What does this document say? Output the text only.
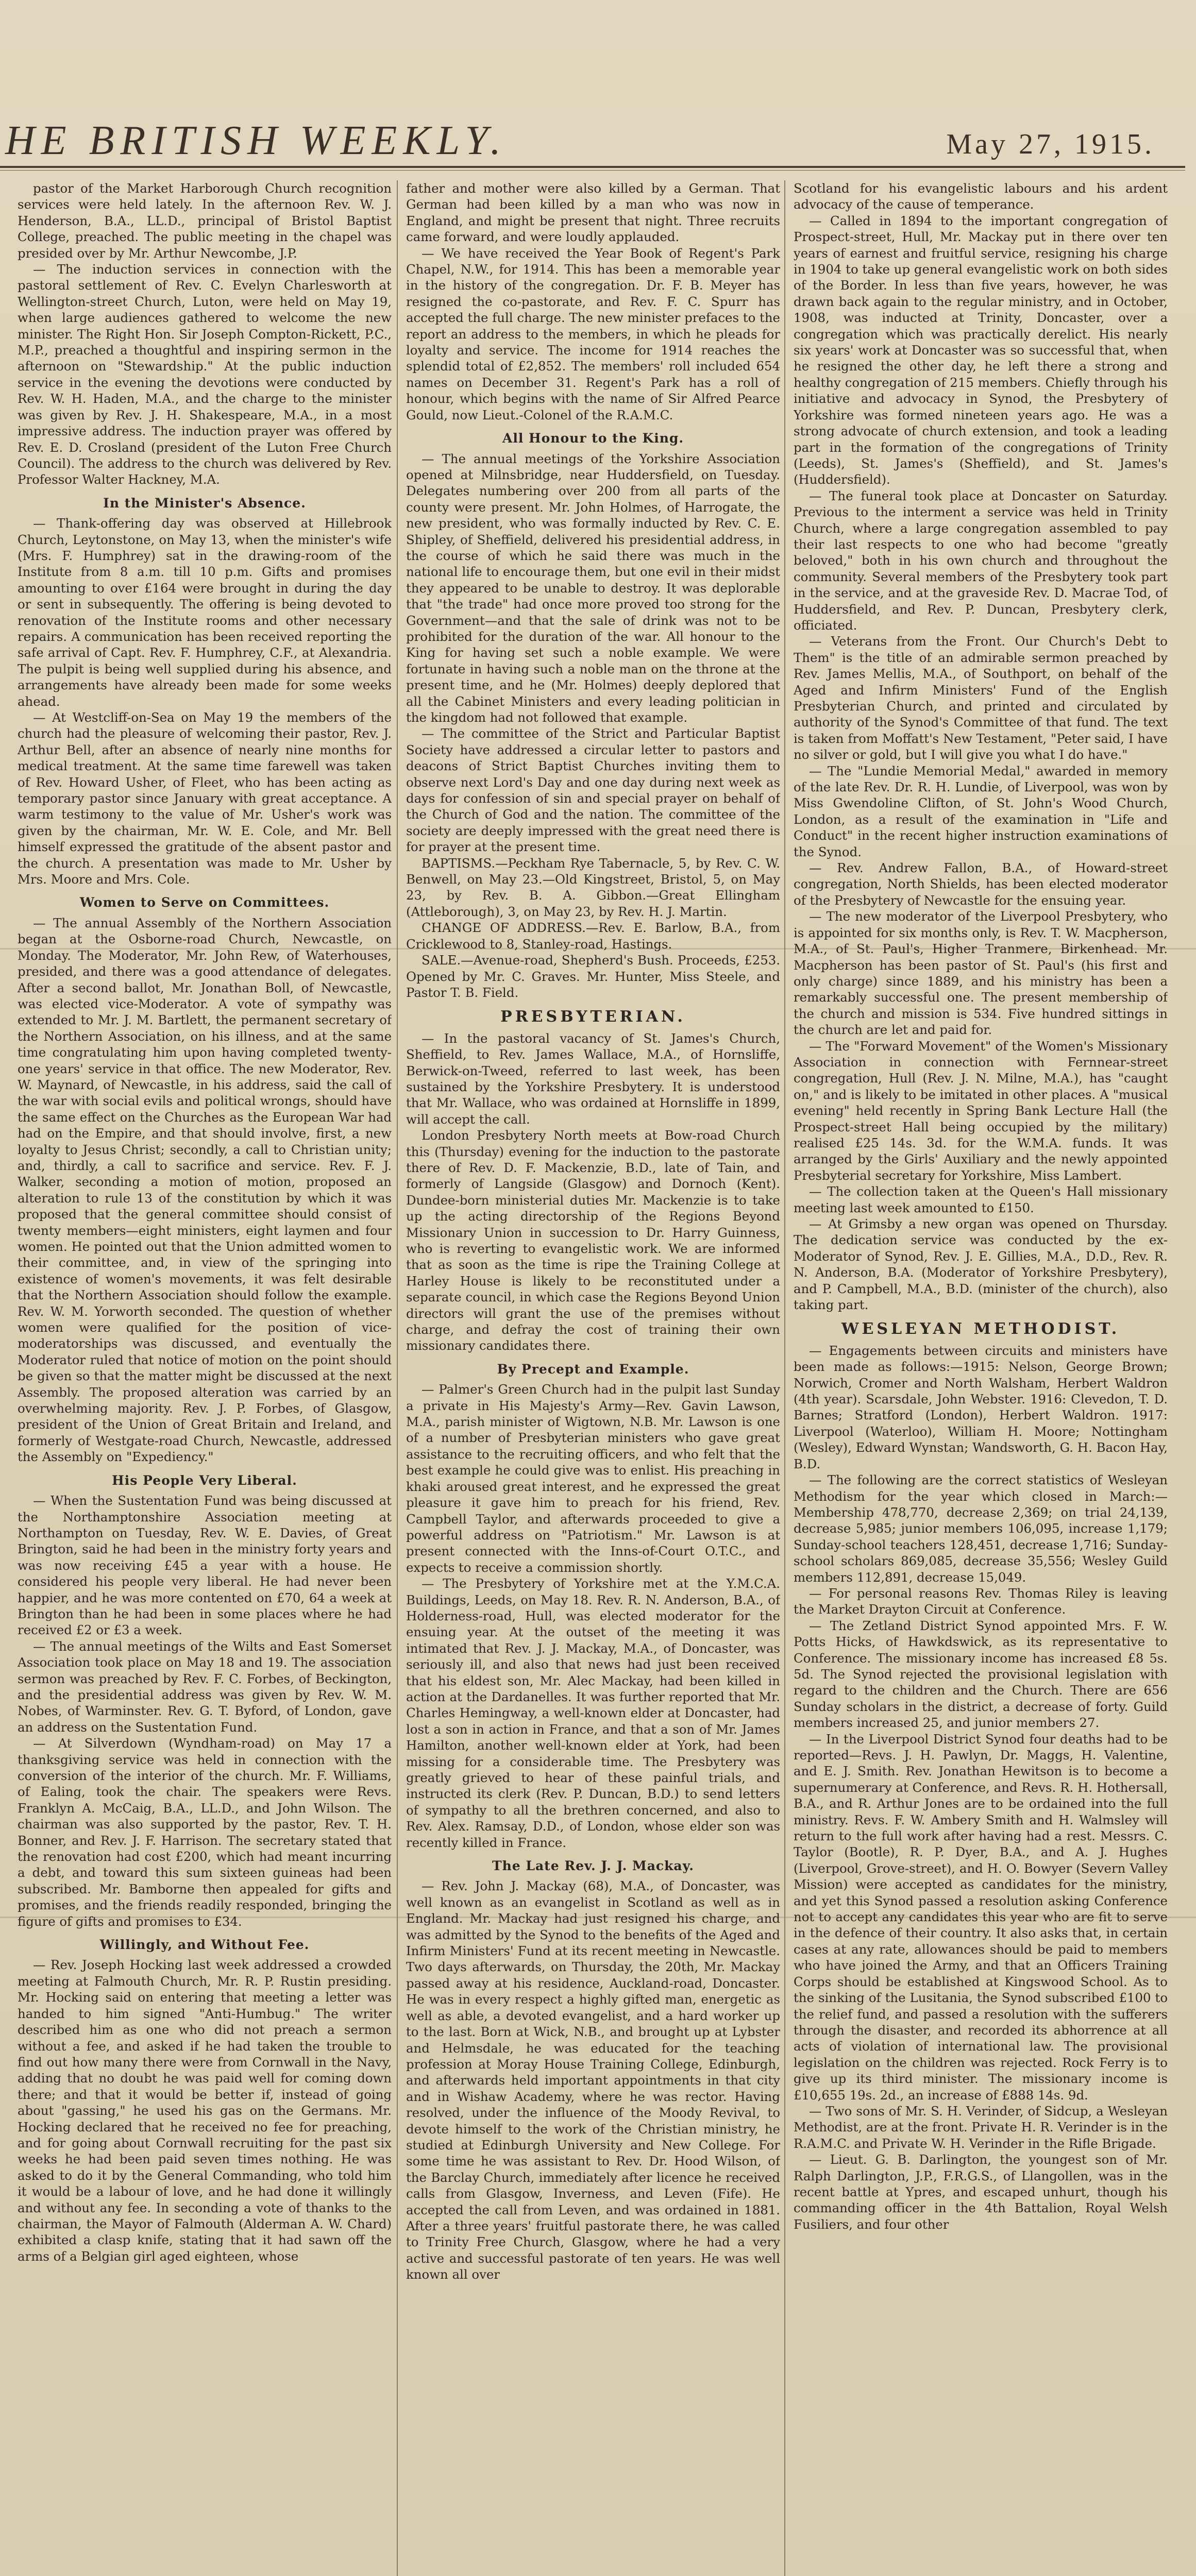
HE BRITISH WEEKLY.	May 27, 1915.

pastor of the Market Harborough Church recognition services were held lately. In the afternoon Rev. W. J. Henderson, B.A., LL.D., principal of Bristol Baptist College, preached. The public meeting in the chapel was presided over by Mr. Arthur Newcombe, J.P.

— The induction services in connection with the pastoral settlement of Rev. C. Evelyn Charlesworth at Wellington-street Church, Luton, were held on May 19, when large audiences gathered to welcome the new minister. The Right Hon. Sir Joseph Compton-Rickett, P.C., M.P., preached a thoughtful and inspiring sermon in the afternoon on "Stewardship." At the public induction service in the evening the devotions were conducted by Rev. W. H. Haden, M.A., and the charge to the minister was given by Rev. J. H. Shakespeare, M.A., in a most impressive address. The induction prayer was offered by Rev. E. D. Crosland (president of the Luton Free Church Council). The address to the church was delivered by Rev. Professor Walter Hackney, M.A.

In the Minister's Absence.

— Thank-offering day was observed at Hillebrook Church, Leytonstone, on May 13, when the minister's wife (Mrs. F. Humphrey) sat in the drawing-room of the Institute from 8 a.m. till 10 p.m. Gifts and promises amounting to over £164 were brought in during the day or sent in subsequently. The offering is being devoted to renovation of the Institute rooms and other necessary repairs. A communication has been received reporting the safe arrival of Capt. Rev. F. Humphrey, C.F., at Alexandria. The pulpit is being well supplied during his absence, and arrangements have already been made for some weeks ahead.

— At Westcliff-on-Sea on May 19 the members of the church had the pleasure of welcoming their pastor, Rev. J. Arthur Bell, after an absence of nearly nine months for medical treatment. At the same time farewell was taken of Rev. Howard Usher, of Fleet, who has been acting as temporary pastor since January with great acceptance. A warm testimony to the value of Mr. Usher's work was given by the chairman, Mr. W. E. Cole, and Mr. Bell himself expressed the gratitude of the absent pastor and the church. A presentation was made to Mr. Usher by Mrs. Moore and Mrs. Cole.

Women to Serve on Committees.

— The annual Assembly of the Northern Association began at the Osborne-road Church, Newcastle, on Monday. The Moderator, Mr. John Rew, of Waterhouses, presided, and there was a good attendance of delegates. After a second ballot, Mr. Jonathan Boll, of Newcastle, was elected vice-Moderator. A vote of sympathy was extended to Mr. J. M. Bartlett, the permanent secretary of the Northern Association, on his illness, and at the same time congratulating him upon having completed twenty-one years' service in that office. The new Moderator, Rev. W. Maynard, of Newcastle, in his address, said the call of the war with social evils and political wrongs, should have the same effect on the Churches as the European War had had on the Empire, and that should involve, first, a new loyalty to Jesus Christ; secondly, a call to Christian unity; and, thirdly, a call to sacrifice and service. Rev. F. J. Walker, seconding a motion of motion, proposed an alteration to rule 13 of the constitution by which it was proposed that the general committee should consist of twenty members—eight ministers, eight laymen and four women. He pointed out that the Union admitted women to their committee, and, in view of the springing into existence of women's movements, it was felt desirable that the Northern Association should follow the example. Rev. W. M. Yorworth seconded. The question of whether women were qualified for the position of vice-moderatorships was discussed, and eventually the Moderator ruled that notice of motion on the point should be given so that the matter might be discussed at the next Assembly. The proposed alteration was carried by an overwhelming majority. Rev. J. P. Forbes, of Glasgow, president of the Union of Great Britain and Ireland, and formerly of Westgate-road Church, Newcastle, addressed the Assembly on "Expediency."

His People Very Liberal.

— When the Sustentation Fund was being discussed at the Northamptonshire Association meeting at Northampton on Tuesday, Rev. W. E. Davies, of Great Brington, said he had been in the ministry forty years and was now receiving £45 a year with a house. He considered his people very liberal. He had never been happier, and he was more contented on £70, 64 a week at Brington than he had been in some places where he had received £2 or £3 a week.

— The annual meetings of the Wilts and East Somerset Association took place on May 18 and 19. The association sermon was preached by Rev. F. C. Forbes, of Beckington, and the presidential address was given by Rev. W. M. Nobes, of Warminster. Rev. G. T. Byford, of London, gave an address on the Sustentation Fund.

— At Silverdown (Wyndham-road) on May 17 a thanksgiving service was held in connection with the conversion of the interior of the church. Mr. F. Williams, of Ealing, took the chair. The speakers were Revs. Franklyn A. McCaig, B.A., LL.D., and John Wilson. The chairman was also supported by the pastor, Rev. T. H. Bonner, and Rev. J. F. Harrison. The secretary stated that the renovation had cost £200, which had meant incurring a debt, and toward this sum sixteen guineas had been subscribed. Mr. Bamborne then appealed for gifts and promises, and the friends readily responded, bringing the figure of gifts and promises to £34.

Willingly, and Without Fee.

— Rev. Joseph Hocking last week addressed a crowded meeting at Falmouth Church, Mr. R. P. Rustin presiding. Mr. Hocking said on entering that meeting a letter was handed to him signed "Anti-Humbug." The writer described him as one who did not preach a sermon without a fee, and asked if he had taken the trouble to find out how many there were from Cornwall in the Navy, adding that no doubt he was paid well for coming down there; and that it would be better if, instead of going about "gassing," he used his gas on the Germans. Mr. Hocking declared that he received no fee for preaching, and for going about Cornwall recruiting for the past six weeks he had been paid seven times nothing. He was asked to do it by the General Commanding, who told him it would be a labour of love, and he had done it willingly and without any fee. In seconding a vote of thanks to the chairman, the Mayor of Falmouth (Alderman A. W. Chard) exhibited a clasp knife, stating that it had sawn off the arms of a Belgian girl aged eighteen, whose

father and mother were also killed by a German. That German had been killed by a man who was now in England, and might be present that night. Three recruits came forward, and were loudly applauded.

— We have received the Year Book of Regent's Park Chapel, N.W., for 1914. This has been a memorable year in the history of the congregation. Dr. F. B. Meyer has resigned the co-pastorate, and Rev. F. C. Spurr has accepted the full charge. The new minister prefaces to the report an address to the members, in which he pleads for loyalty and service. The income for 1914 reaches the splendid total of £2,852. The members' roll included 654 names on December 31. Regent's Park has a roll of honour, which begins with the name of Sir Alfred Pearce Gould, now Lieut.-Colonel of the R.A.M.C.

All Honour to the King.

— The annual meetings of the Yorkshire Association opened at Milnsbridge, near Huddersfield, on Tuesday. Delegates numbering over 200 from all parts of the county were present. Mr. John Holmes, of Harrogate, the new president, who was formally inducted by Rev. C. E. Shipley, of Sheffield, delivered his presidential address, in the course of which he said there was much in the national life to encourage them, but one evil in their midst they appeared to be unable to destroy. It was deplorable that "the trade" had once more proved too strong for the Government—and that the sale of drink was not to be prohibited for the duration of the war. All honour to the King for having set such a noble example. We were fortunate in having such a noble man on the throne at the present time, and he (Mr. Holmes) deeply deplored that all the Cabinet Ministers and every leading politician in the kingdom had not followed that example.

— The committee of the Strict and Particular Baptist Society have addressed a circular letter to pastors and deacons of Strict Baptist Churches inviting them to observe next Lord's Day and one day during next week as days for confession of sin and special prayer on behalf of the Church of God and the nation. The committee of the society are deeply impressed with the great need there is for prayer at the present time.

BAPTISMS.—Peckham Rye Tabernacle, 5, by Rev. C. W. Benwell, on May 23.—Old Kingstreet, Bristol, 5, on May 23, by Rev. B. A. Gibbon.—Great Ellingham (Attleborough), 3, on May 23, by Rev. H. J. Martin.

CHANGE OF ADDRESS.—Rev. E. Barlow, B.A., from Cricklewood to 8, Stanley-road, Hastings.

SALE.—Avenue-road, Shepherd's Bush. Proceeds, £253. Opened by Mr. C. Graves. Mr. Hunter, Miss Steele, and Pastor T. B. Field.

PRESBYTERIAN.

— In the pastoral vacancy of St. James's Church, Sheffield, to Rev. James Wallace, M.A., of Hornsliffe, Berwick-on-Tweed, referred to last week, has been sustained by the Yorkshire Presbytery. It is understood that Mr. Wallace, who was ordained at Hornsliffe in 1899, will accept the call.

London Presbytery North meets at Bow-road Church this (Thursday) evening for the induction to the pastorate there of Rev. D. F. Mackenzie, B.D., late of Tain, and formerly of Langside (Glasgow) and Dornoch (Kent). Dundee-born ministerial duties Mr. Mackenzie is to take up the acting directorship of the Regions Beyond Missionary Union in succession to Dr. Harry Guinness, who is reverting to evangelistic work. We are informed that as soon as the time is ripe the Training College at Harley House is likely to be reconstituted under a separate council, in which case the Regions Beyond Union directors will grant the use of the premises without charge, and defray the cost of training their own missionary candidates there.

By Precept and Example.

— Palmer's Green Church had in the pulpit last Sunday a private in His Majesty's Army—Rev. Gavin Lawson, M.A., parish minister of Wigtown, N.B. Mr. Lawson is one of a number of Presbyterian ministers who gave great assistance to the recruiting officers, and who felt that the best example he could give was to enlist. His preaching in khaki aroused great interest, and he expressed the great pleasure it gave him to preach for his friend, Rev. Campbell Taylor, and afterwards proceeded to give a powerful address on "Patriotism." Mr. Lawson is at present connected with the Inns-of-Court O.T.C., and expects to receive a commission shortly.

— The Presbytery of Yorkshire met at the Y.M.C.A. Buildings, Leeds, on May 18. Rev. R. N. Anderson, B.A., of Holderness-road, Hull, was elected moderator for the ensuing year. At the outset of the meeting it was intimated that Rev. J. J. Mackay, M.A., of Doncaster, was seriously ill, and also that news had just been received that his eldest son, Mr. Alec Mackay, had been killed in action at the Dardanelles. It was further reported that Mr. Charles Hemingway, a well-known elder at Doncaster, had lost a son in action in France, and that a son of Mr. James Hamilton, another well-known elder at York, had been missing for a considerable time. The Presbytery was greatly grieved to hear of these painful trials, and instructed its clerk (Rev. P. Duncan, B.D.) to send letters of sympathy to all the brethren concerned, and also to Rev. Alex. Ramsay, D.D., of London, whose elder son was recently killed in France.

The Late Rev. J. J. Mackay.

— Rev. John J. Mackay (68), M.A., of Doncaster, was well known as an evangelist in Scotland as well as in England. Mr. Mackay had just resigned his charge, and was admitted by the Synod to the benefits of the Aged and Infirm Ministers' Fund at its recent meeting in Newcastle. Two days afterwards, on Thursday, the 20th, Mr. Mackay passed away at his residence, Auckland-road, Doncaster. He was in every respect a highly gifted man, energetic as well as able, a devoted evangelist, and a hard worker up to the last. Born at Wick, N.B., and brought up at Lybster and Helmsdale, he was educated for the teaching profession at Moray House Training College, Edinburgh, and afterwards held important appointments in that city and in Wishaw Academy, where he was rector. Having resolved, under the influence of the Moody Revival, to devote himself to the work of the Christian ministry, he studied at Edinburgh University and New College. For some time he was assistant to Rev. Dr. Hood Wilson, of the Barclay Church, immediately after licence he received calls from Glasgow, Inverness, and Leven (Fife). He accepted the call from Leven, and was ordained in 1881. After a three years' fruitful pastorate there, he was called to Trinity Free Church, Glasgow, where he had a very active and successful pastorate of ten years. He was well known all over

Scotland for his evangelistic labours and his ardent advocacy of the cause of temperance.

— Called in 1894 to the important congregation of Prospect-street, Hull, Mr. Mackay put in there over ten years of earnest and fruitful service, resigning his charge in 1904 to take up general evangelistic work on both sides of the Border. In less than five years, however, he was drawn back again to the regular ministry, and in October, 1908, was inducted at Trinity, Doncaster, over a congregation which was practically derelict. His nearly six years' work at Doncaster was so successful that, when he resigned the other day, he left there a strong and healthy congregation of 215 members. Chiefly through his initiative and advocacy in Synod, the Presbytery of Yorkshire was formed nineteen years ago. He was a strong advocate of church extension, and took a leading part in the formation of the congregations of Trinity (Leeds), St. James's (Sheffield), and St. James's (Huddersfield).

— The funeral took place at Doncaster on Saturday. Previous to the interment a service was held in Trinity Church, where a large congregation assembled to pay their last respects to one who had become "greatly beloved," both in his own church and throughout the community. Several members of the Presbytery took part in the service, and at the graveside Rev. D. Macrae Tod, of Huddersfield, and Rev. P. Duncan, Presbytery clerk, officiated.

— Veterans from the Front. Our Church's Debt to Them" is the title of an admirable sermon preached by Rev. James Mellis, M.A., of Southport, on behalf of the Aged and Infirm Ministers' Fund of the English Presbyterian Church, and printed and circulated by authority of the Synod's Committee of that fund. The text is taken from Moffatt's New Testament, "Peter said, I have no silver or gold, but I will give you what I do have."

— The "Lundie Memorial Medal," awarded in memory of the late Rev. Dr. R. H. Lundie, of Liverpool, was won by Miss Gwendoline Clifton, of St. John's Wood Church, London, as a result of the examination in "Life and Conduct" in the recent higher instruction examinations of the Synod.

— Rev. Andrew Fallon, B.A., of Howard-street congregation, North Shields, has been elected moderator of the Presbytery of Newcastle for the ensuing year.

— The new moderator of the Liverpool Presbytery, who is appointed for six months only, is Rev. T. W. Macpherson, M.A., of St. Paul's, Higher Tranmere, Birkenhead. Mr. Macpherson has been pastor of St. Paul's (his first and only charge) since 1889, and his ministry has been a remarkably successful one. The present membership of the church and mission is 534. Five hundred sittings in the church are let and paid for.

— The "Forward Movement" of the Women's Missionary Association in connection with Fernnear-street congregation, Hull (Rev. J. N. Milne, M.A.), has "caught on," and is likely to be imitated in other places. A "musical evening" held recently in Spring Bank Lecture Hall (the Prospect-street Hall being occupied by the military) realised £25 14s. 3d. for the W.M.A. funds. It was arranged by the Girls' Auxiliary and the newly appointed Presbyterial secretary for Yorkshire, Miss Lambert.

— The collection taken at the Queen's Hall missionary meeting last week amounted to £150.

— At Grimsby a new organ was opened on Thursday. The dedication service was conducted by the ex-Moderator of Synod, Rev. J. E. Gillies, M.A., D.D., Rev. R. N. Anderson, B.A. (Moderator of Yorkshire Presbytery), and P. Campbell, M.A., B.D. (minister of the church), also taking part.

WESLEYAN METHODIST.

— Engagements between circuits and ministers have been made as follows:—1915: Nelson, George Brown; Norwich, Cromer and North Walsham, Herbert Waldron (4th year). Scarsdale, John Webster. 1916: Clevedon, T. D. Barnes; Stratford (London), Herbert Waldron. 1917: Liverpool (Waterloo), William H. Moore; Nottingham (Wesley), Edward Wynstan; Wandsworth, G. H. Bacon Hay, B.D.

— The following are the correct statistics of Wesleyan Methodism for the year which closed in March:—Membership 478,770, decrease 2,369; on trial 24,139, decrease 5,985; junior members 106,095, increase 1,179; Sunday-school teachers 128,451, decrease 1,716; Sunday-school scholars 869,085, decrease 35,556; Wesley Guild members 112,891, decrease 15,049.

— For personal reasons Rev. Thomas Riley is leaving the Market Drayton Circuit at Conference.

— The Zetland District Synod appointed Mrs. F. W. Potts Hicks, of Hawkdswick, as its representative to Conference. The missionary income has increased £8 5s. 5d. The Synod rejected the provisional legislation with regard to the children and the Church. There are 656 Sunday scholars in the district, a decrease of forty. Guild members increased 25, and junior members 27.

— In the Liverpool District Synod four deaths had to be reported—Revs. J. H. Pawlyn, Dr. Maggs, H. Valentine, and E. J. Smith. Rev. Jonathan Hewitson is to become a supernumerary at Conference, and Revs. R. H. Hothersall, B.A., and R. Arthur Jones are to be ordained into the full ministry. Revs. F. W. Ambery Smith and H. Walmsley will return to the full work after having had a rest. Messrs. C. Taylor (Bootle), R. P. Dyer, B.A., and A. J. Hughes (Liverpool, Grove-street), and H. O. Bowyer (Severn Valley Mission) were accepted as candidates for the ministry, and yet this Synod passed a resolution asking Conference not to accept any candidates this year who are fit to serve in the defence of their country. It also asks that, in certain cases at any rate, allowances should be paid to members who have joined the Army, and that an Officers Training Corps should be established at Kingswood School. As to the sinking of the Lusitania, the Synod subscribed £100 to the relief fund, and passed a resolution with the sufferers through the disaster, and recorded its abhorrence at all acts of violation of international law. The provisional legislation on the children was rejected. Rock Ferry is to give up its third minister. The missionary income is £10,655 19s. 2d., an increase of £888 14s. 9d.

— Two sons of Mr. S. H. Verinder, of Sidcup, a Wesleyan Methodist, are at the front. Private H. R. Verinder is in the R.A.M.C. and Private W. H. Verinder in the Rifle Brigade.

— Lieut. G. B. Darlington, the youngest son of Mr. Ralph Darlington, J.P., F.R.G.S., of Llangollen, was in the recent battle at Ypres, and escaped unhurt, though his commanding officer in the 4th Battalion, Royal Welsh Fusiliers, and four other
